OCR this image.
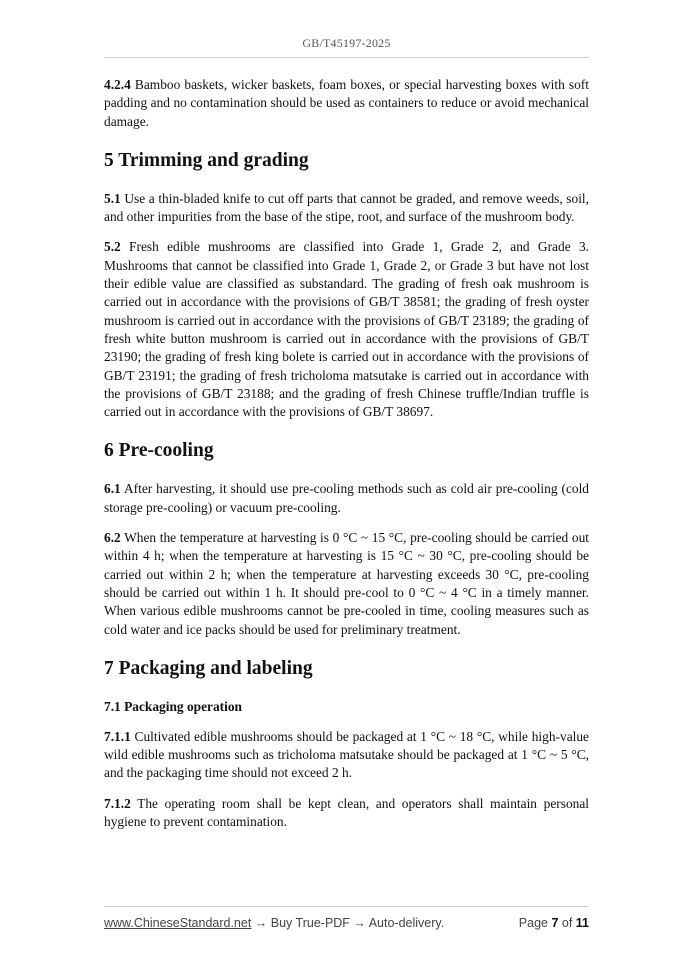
GB/T45197-2025

4.2.4 Bamboo baskets, wicker baskets, foam boxes, or special harvesting boxes with soft padding and no contamination should be used as containers to reduce or avoid mechanical damage.

5 Trimming and grading

5.1 Use a thin-bladed knife to cut off parts that cannot be graded, and remove weeds, soil, and other impurities from the base of the stipe, root, and surface of the mushroom body.

5.2 Fresh edible mushrooms are classified into Grade 1, Grade 2, and Grade 3. Mushrooms that cannot be classified into Grade 1, Grade 2, or Grade 3 but have not lost their edible value are classified as substandard. The grading of fresh oak mushroom is carried out in accordance with the provisions of GB/T 38581; the grading of fresh oyster mushroom is carried out in accordance with the provisions of GB/T 23189; the grading of fresh white button mushroom is carried out in accordance with the provisions of GB/T 23190; the grading of fresh king bolete is carried out in accordance with the provisions of GB/T 23191; the grading of fresh tricholoma matsutake is carried out in accordance with the provisions of GB/T 23188; and the grading of fresh Chinese truffle/Indian truffle is carried out in accordance with the provisions of GB/T 38697.

6 Pre-cooling

6.1 After harvesting, it should use pre-cooling methods such as cold air pre-cooling (cold storage pre-cooling) or vacuum pre-cooling.

6.2 When the temperature at harvesting is 0 °C ~ 15 °C, pre-cooling should be carried out within 4 h; when the temperature at harvesting is 15 °C ~ 30 °C, pre-cooling should be carried out within 2 h; when the temperature at harvesting exceeds 30 °C, pre-cooling should be carried out within 1 h. It should pre-cool to 0 °C ~ 4 °C in a timely manner. When various edible mushrooms cannot be pre-cooled in time, cooling measures such as cold water and ice packs should be used for preliminary treatment.

7 Packaging and labeling
7.1 Packaging operation

7.1.1 Cultivated edible mushrooms should be packaged at 1 °C ~ 18 °C, while high-value wild edible mushrooms such as tricholoma matsutake should be packaged at 1 °C ~ 5 °C, and the packaging time should not exceed 2 h.

7.1.2 The operating room shall be kept clean, and operators shall maintain personal hygiene to prevent contamination.

www.ChineseStandard.net → Buy True-PDF → Auto-delivery.	Page 7 of 11
